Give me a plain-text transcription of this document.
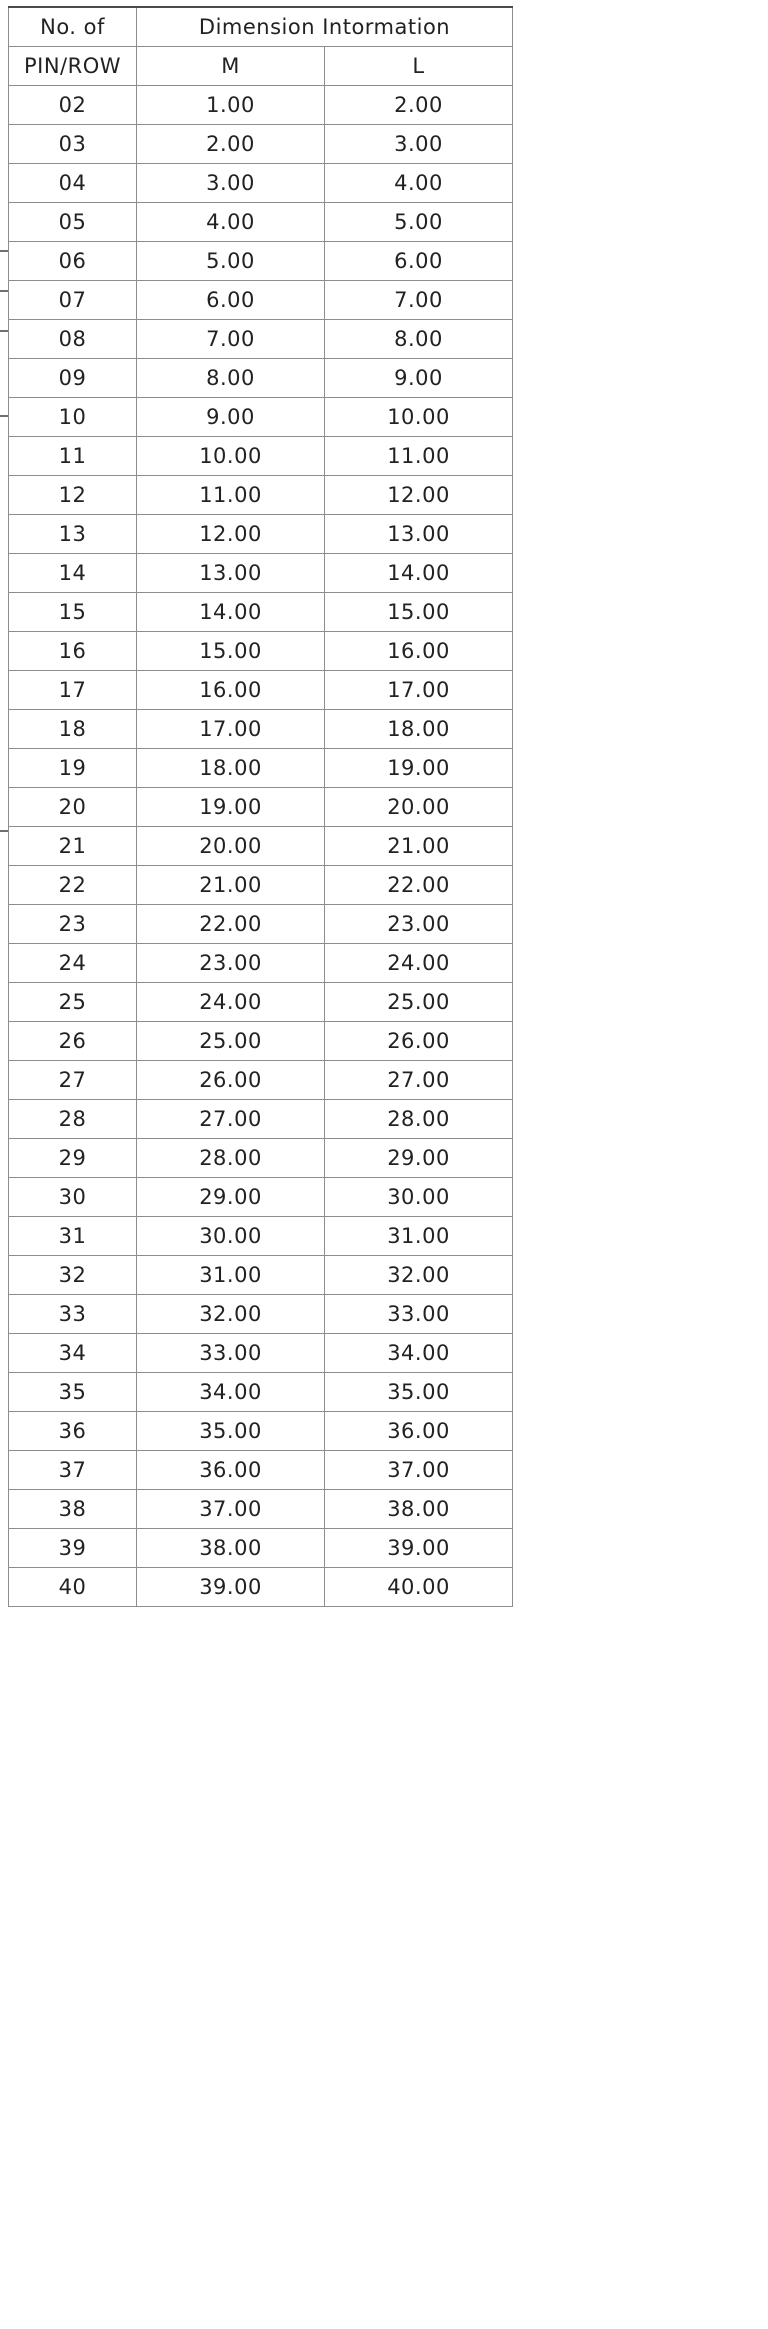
No. of	Dimension Intormation	
PIN/ROW	M	L
02	1.00	2.00
03	2.00	3.00
04	3.00	4.00
05	4.00	5.00
06	5.00	6.00
07	6.00	7.00
08	7.00	8.00
09	8.00	9.00
10	9.00	10.00
11	10.00	11.00
12	11.00	12.00
13	12.00	13.00
14	13.00	14.00
15	14.00	15.00
16	15.00	16.00
17	16.00	17.00
18	17.00	18.00
19	18.00	19.00
20	19.00	20.00
21	20.00	21.00
22	21.00	22.00
23	22.00	23.00
24	23.00	24.00
25	24.00	25.00
26	25.00	26.00
27	26.00	27.00
28	27.00	28.00
29	28.00	29.00
30	29.00	30.00
31	30.00	31.00
32	31.00	32.00
33	32.00	33.00
34	33.00	34.00
35	34.00	35.00
36	35.00	36.00
37	36.00	37.00
38	37.00	38.00
39	38.00	39.00
40	39.00	40.00
